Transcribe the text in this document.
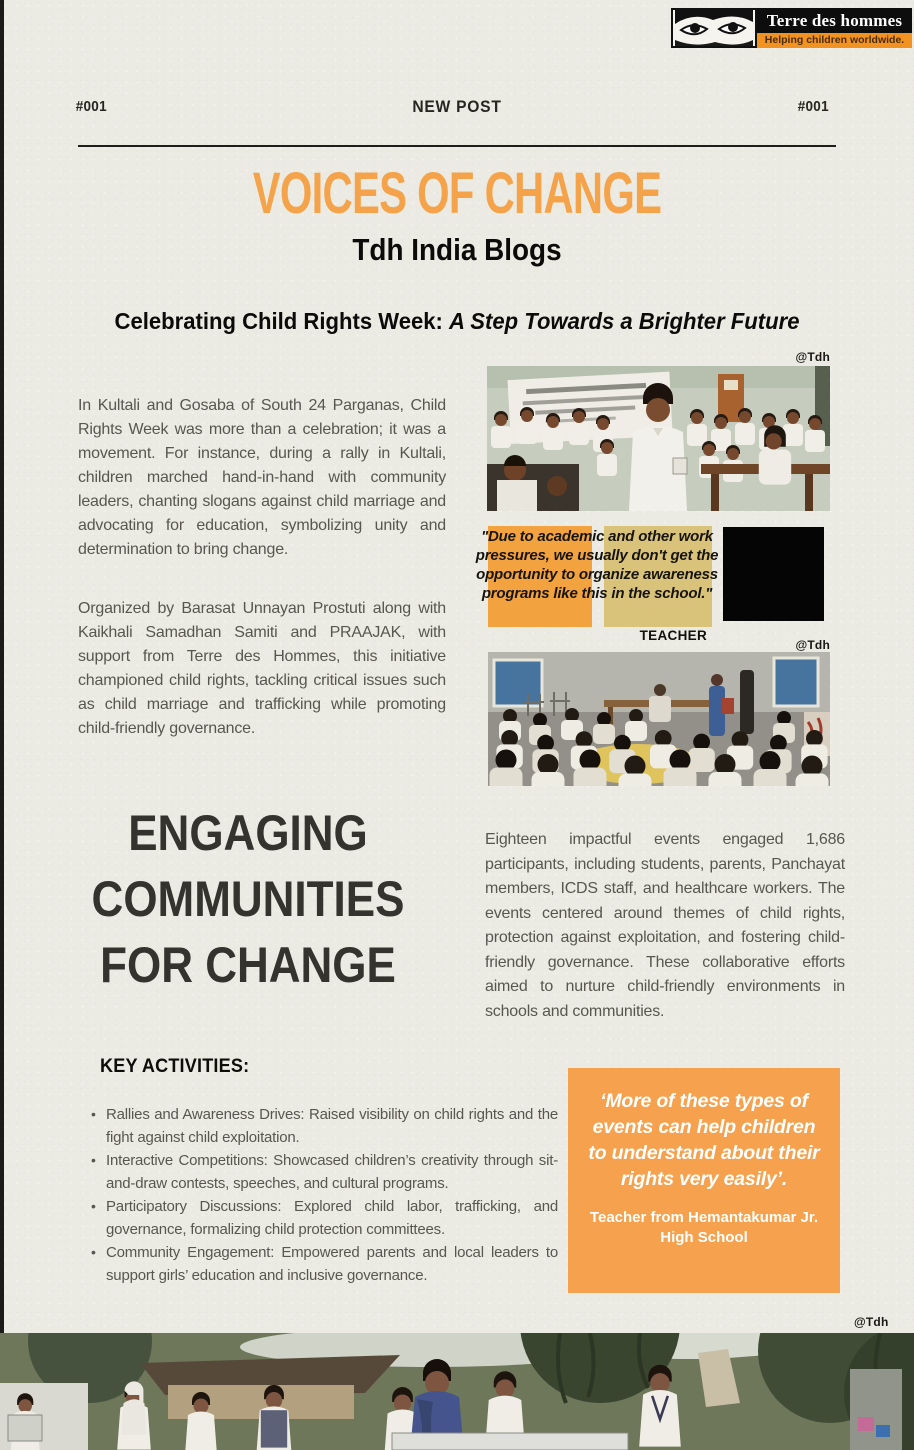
Terre des hommes
Helping children worldwide.
#001	NEW POST	#001
VOICES OF CHANGE
Tdh India Blogs
Celebrating Child Rights Week: A Step Towards a Brighter Future

In Kultali and Gosaba of South 24 Parganas, Child Rights Week was more than a celebration; it was a movement. For instance, during a rally in Kultali, children marched hand-in-hand with community leaders, chanting slogans against child marriage and advocating for education, symbolizing unity and determination to bring change.

Organized by Barasat Unnayan Prostuti along with Kaikhali Samadhan Samiti and PRAAJAK, with support from Terre des Hommes, this initiative championed child rights, tackling critical issues such as child marriage and trafficking while promoting child-friendly governance.

@Tdh
"Due to academic and other work pressures, we usually don't get the opportunity to organize awareness programs like this in the school."
TEACHER
@Tdh
ENGAGING
COMMUNITIES
FOR CHANGE

Eighteen impactful events engaged 1,686 participants, including students, parents, Panchayat members, ICDS staff, and healthcare workers. The events centered around themes of child rights, protection against exploitation, and fostering child-friendly governance. These collaborative efforts aimed to nurture child-friendly environments in schools and communities.

KEY ACTIVITIES:
• Rallies and Awareness Drives: Raised visibility on child rights and the fight against child exploitation.
• Interactive Competitions: Showcased children’s creativity through sit-and-draw contests, speeches, and cultural programs.
• Participatory Discussions: Explored child labor, trafficking, and governance, formalizing child protection committees.
• Community Engagement: Empowered parents and local leaders to support girls’ education and inclusive governance.
‘More of these types of events can help children to understand about their rights very easily’.
Teacher from Hemantakumar Jr. High School
@Tdh
